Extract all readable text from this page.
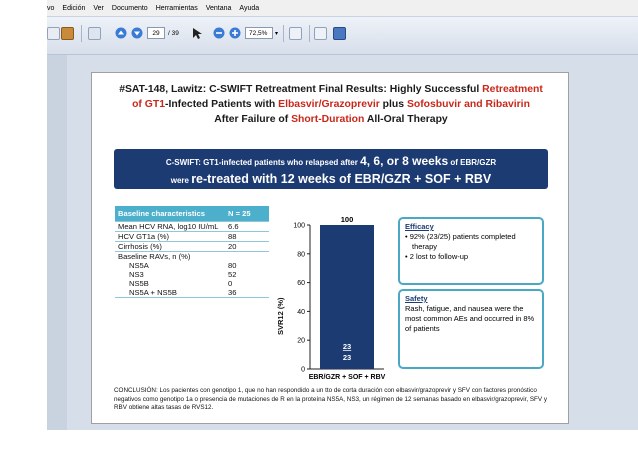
vo Edición Ver Documento Herramientas Ventana Ayuda
29	/ 39	72,5%	▾
#SAT-148, Lawitz: C-SWIFT Retreatment Final Results: Highly Successful Retreatment
of GT1-Infected Patients with Elbasvir/Grazoprevir plus Sofosbuvir and Ribavirin
After Failure of Short-Duration All-Oral Therapy
C-SWIFT: GT1-infected patients who relapsed after 4, 6, or 8 weeks of EBR/GZR
were re-treated with 12 weeks of EBR/GZR + SOF + RBV
Baseline characteristics	N = 25
Mean HCV RNA, log10 IU/mL	6.6
HCV GT1a (%)	88
Cirrhosis (%)	20
Baseline RAVs, n (%)	
NS5A	80
NS3	52
NS5B	0
NS5A + NS5B	36
SVR12 (%)
0
20
40
60
80
100
100
23
23
EBR/GZR + SOF + RBV
Efficacy
• 92% (23/25) patients completed therapy
• 2 lost to follow-up
Safety
Rash, fatigue, and nausea were the most common AEs and occurred in 8% of patients
CONCLUSIÓN: Los pacientes con genotipo 1, que no han respondido a un tto de corta duración con elbasvir/grazoprevir y SFV con factores pronóstico negativos como genotipo 1a o presencia de mutaciones de R en la proteína NS5A, NS3, un régimen de 12 semanas basado en elbasvir/grazoprevir, SFV y RBV obtiene altas tasas de RVS12.
